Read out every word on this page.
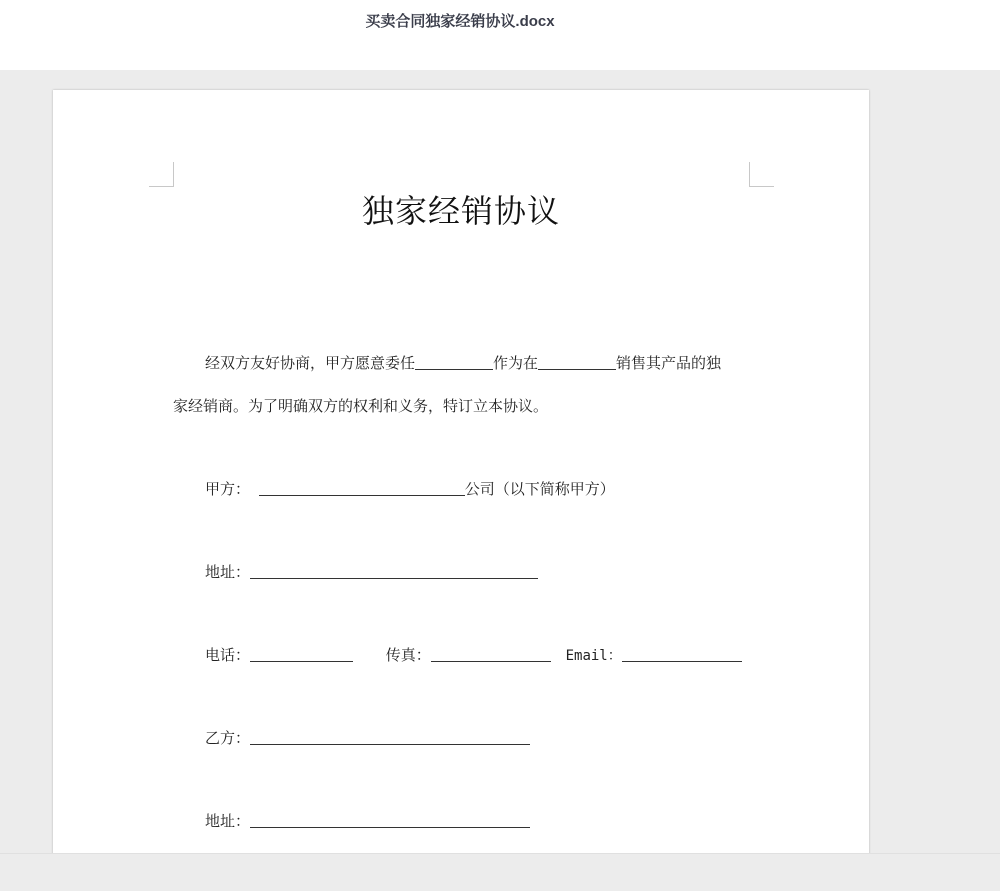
买卖合同独家经销协议.docx
独家经销协议
经双方友好协商，甲方愿意委任	作为在	销售其产品的独
家经销商。为了明确双方的权利和义务，特订立本协议。
甲方：	公司（以下简称甲方）
地址：
电话：	传真：	Email：
乙方：
地址：
